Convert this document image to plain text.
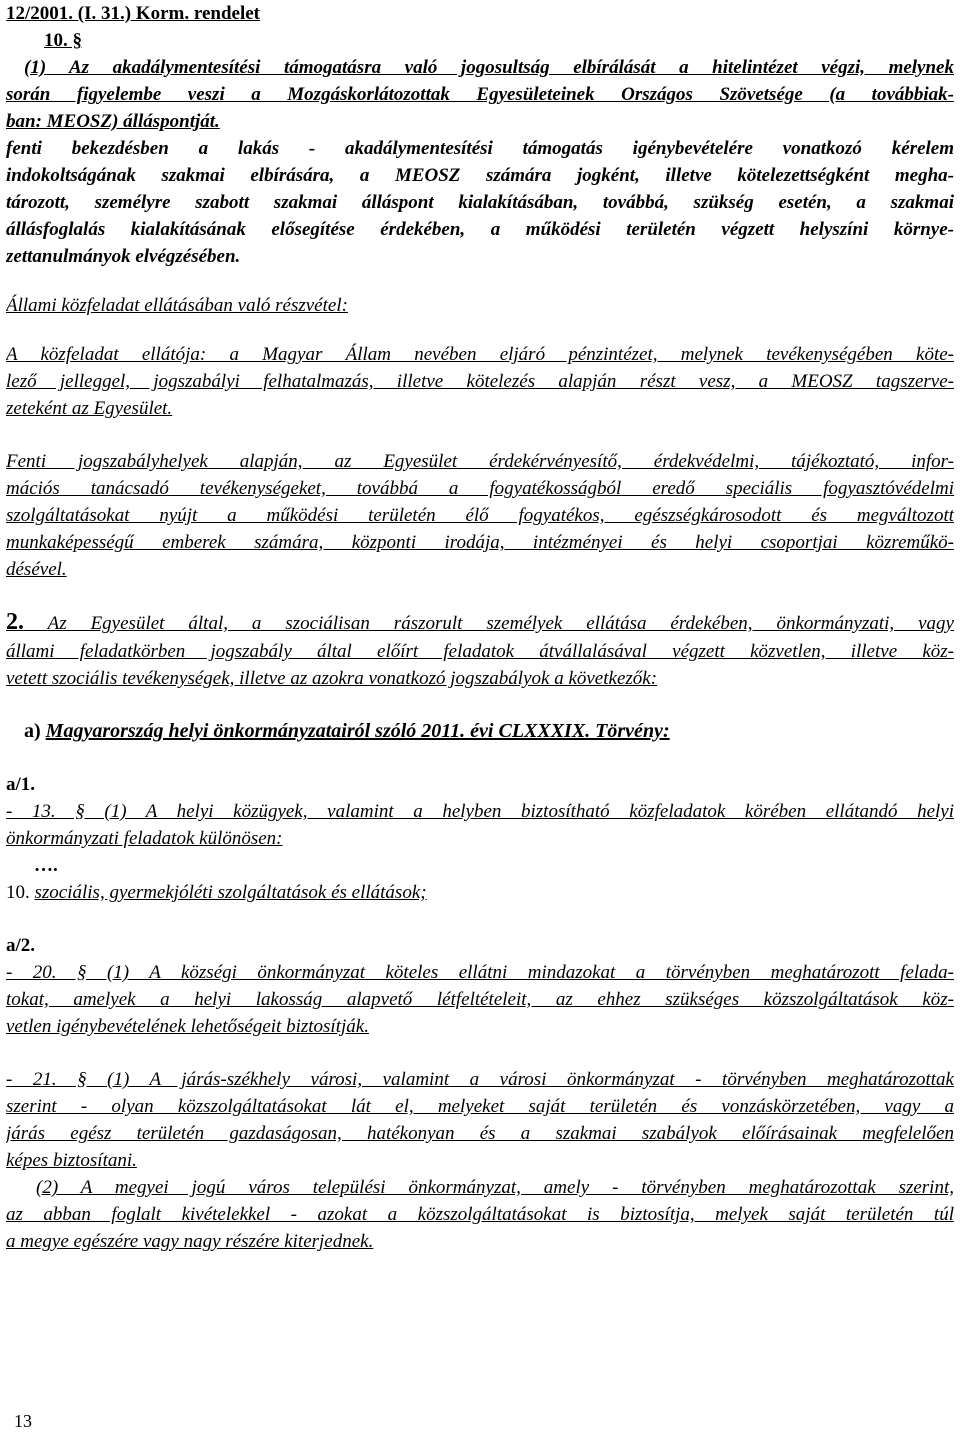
12/2001. (I. 31.) Korm. rendelet
10. §
(1) Az akadálymentesítési támogatásra való jogosultság elbírálását a hitelintézet végzi, melynek
során figyelembe veszi a Mozgáskorlátozottak Egyesületeinek Országos Szövetsége (a továbbiak-
ban: MEOSZ) álláspontját.
fenti bekezdésben a lakás - akadálymentesítési támogatás igénybevételére vonatkozó kérelem
indokoltságának szakmai elbírására, a MEOSZ számára jogként, illetve kötelezettségként megha-
tározott, személyre szabott szakmai álláspont kialakításában, továbbá, szükség esetén, a szakmai
állásfoglalás kialakításának elősegítése érdekében, a működési területén végzett helyszíni környe-
zettanulmányok elvégzésében.
Állami közfeladat ellátásában való részvétel:
A közfeladat ellátója: a Magyar Állam nevében eljáró pénzintézet, melynek tevékenységében köte-
lező jelleggel, jogszabályi felhatalmazás, illetve kötelezés alapján részt vesz, a MEOSZ tagszerve-
zeteként az Egyesület.
Fenti jogszabályhelyek alapján, az Egyesület érdekérvényesítő, érdekvédelmi, tájékoztató, infor-
mációs tanácsadó tevékenységeket, továbbá a fogyatékosságból eredő speciális fogyasztóvédelmi
szolgáltatásokat nyújt a működési területén élő fogyatékos, egészségkárosodott és megváltozott
munkaképességű emberek számára, központi irodája, intézményei és helyi csoportjai közreműkö-
désével.
2. Az Egyesület által, a szociálisan rászorult személyek ellátása érdekében, önkormányzati, vagy
állami feladatkörben jogszabály által előírt feladatok átvállalásával végzett közvetlen, illetve köz-
vetett szociális tevékenységek, illetve az azokra vonatkozó jogszabályok a következők:
a) Magyarország helyi önkormányzatairól szóló 2011. évi CLXXXIX. Törvény:
a/1.
- 13. § (1) A helyi közügyek, valamint a helyben biztosítható közfeladatok körében ellátandó helyi
önkormányzati feladatok különösen:
….
10. szociális, gyermekjóléti szolgáltatások és ellátások;
a/2.
- 20. § (1) A községi önkormányzat köteles ellátni mindazokat a törvényben meghatározott felada-
tokat, amelyek a helyi lakosság alapvető létfeltételeit, az ehhez szükséges közszolgáltatások köz-
vetlen igénybevételének lehetőségeit biztosítják.
- 21. § (1) A járás-székhely városi, valamint a városi önkormányzat - törvényben meghatározottak
szerint - olyan közszolgáltatásokat lát el, melyeket saját területén és vonzáskörzetében, vagy a
járás egész területén gazdaságosan, hatékonyan és a szakmai szabályok előírásainak megfelelően
képes biztosítani.
(2) A megyei jogú város települési önkormányzat, amely - törvényben meghatározottak szerint,
az abban foglalt kivételekkel - azokat a közszolgáltatásokat is biztosítja, melyek saját területén túl
a megye egészére vagy nagy részére kiterjednek.
13
